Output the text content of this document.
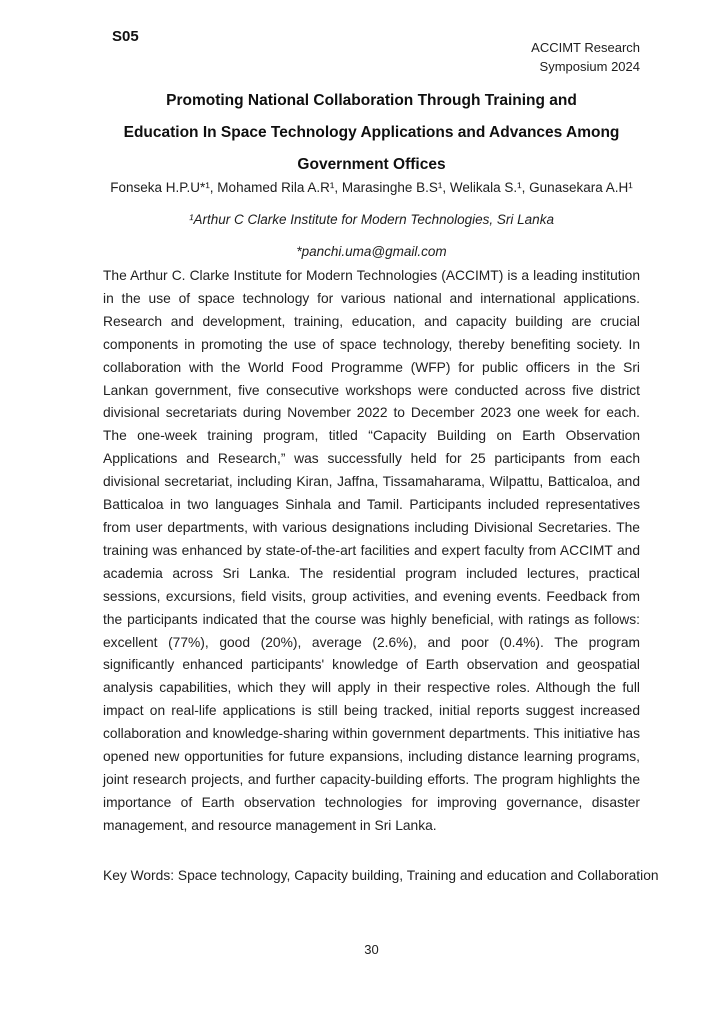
S05
ACCIMT Research
Symposium 2024
Promoting National Collaboration Through Training and
Education In Space Technology Applications and Advances Among
Government Offices
Fonseka H.P.U*¹, Mohamed Rila A.R¹, Marasinghe B.S¹, Welikala S.¹, Gunasekara A.H¹
¹Arthur C Clarke Institute for Modern Technologies, Sri Lanka
*panchi.uma@gmail.com

The Arthur C. Clarke Institute for Modern Technologies (ACCIMT) is a leading institution in the use of space technology for various national and international applications. Research and development, training, education, and capacity building are crucial components in promoting the use of space technology, thereby benefiting society. In collaboration with the World Food Programme (WFP) for public officers in the Sri Lankan government, five consecutive workshops were conducted across five district divisional secretariats during November 2022 to December 2023 one week for each. The one-week training program, titled “Capacity Building on Earth Observation Applications and Research,” was successfully held for 25 participants from each divisional secretariat, including Kiran, Jaffna, Tissamaharama, Wilpattu, Batticaloa, and Batticaloa in two languages Sinhala and Tamil. Participants included representatives from user departments, with various designations including Divisional Secretaries. The training was enhanced by state-of-the-art facilities and expert faculty from ACCIMT and academia across Sri Lanka. The residential program included lectures, practical sessions, excursions, field visits, group activities, and evening events. Feedback from the participants indicated that the course was highly beneficial, with ratings as follows: excellent (77%), good (20%), average (2.6%), and poor (0.4%). The program significantly enhanced participants' knowledge of Earth observation and geospatial analysis capabilities, which they will apply in their respective roles. Although the full impact on real-life applications is still being tracked, initial reports suggest increased collaboration and knowledge-sharing within government departments. This initiative has opened new opportunities for future expansions, including distance learning programs, joint research projects, and further capacity-building efforts. The program highlights the importance of Earth observation technologies for improving governance, disaster management, and resource management in Sri Lanka.

Key Words: Space technology, Capacity building, Training and education and Collaboration
30
